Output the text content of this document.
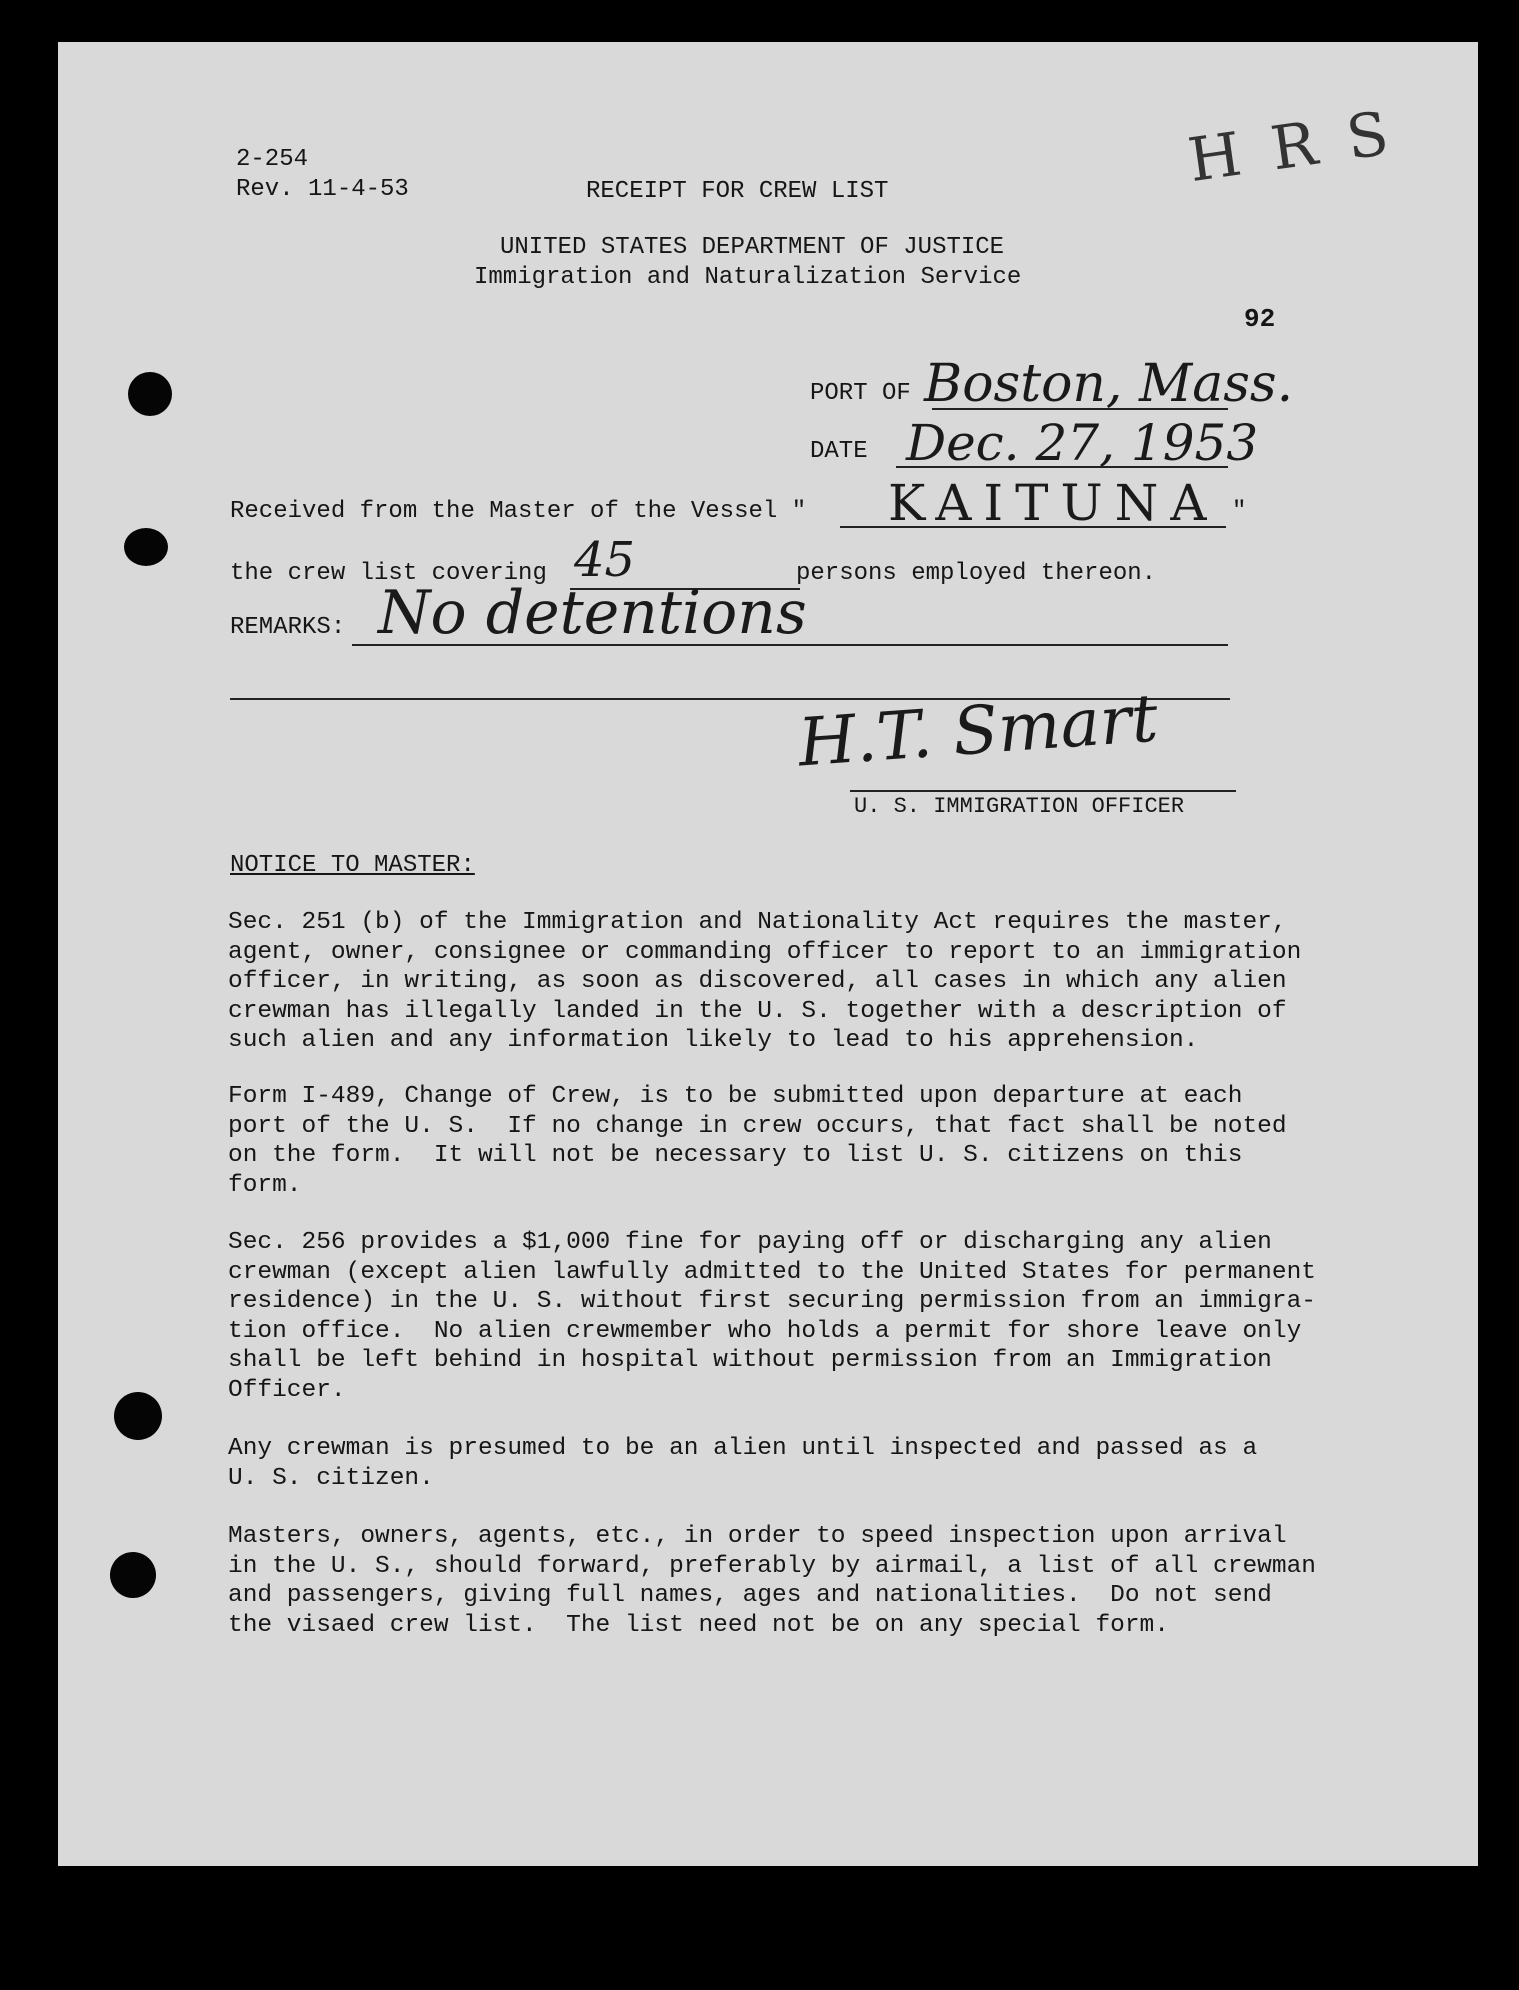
2-254
Rev. 11-4-53	RECEIPT FOR CREW LIST	H R S
UNITED STATES DEPARTMENT OF JUSTICE
Immigration and Naturalization Service
92
PORT OF Boston, Mass.
DATE Dec. 27, 1953
Received from the Master of the Vessel " KAITUNA "
the crew list covering 45	persons employed thereon.
REMARKS: No detentions
H.T. Smart
U. S. IMMIGRATION OFFICER
NOTICE TO MASTER:
Sec. 251 (b) of the Immigration and Nationality Act requires the master,
agent, owner, consignee or commanding officer to report to an immigration
officer, in writing, as soon as discovered, all cases in which any alien
crewman has illegally landed in the U. S. together with a description of
such alien and any information likely to lead to his apprehension.
Form I-489, Change of Crew, is to be submitted upon departure at each
port of the U. S.  If no change in crew occurs, that fact shall be noted
on the form.  It will not be necessary to list U. S. citizens on this
form.
Sec. 256 provides a $1,000 fine for paying off or discharging any alien
crewman (except alien lawfully admitted to the United States for permanent
residence) in the U. S. without first securing permission from an immigra-
tion office.  No alien crewmember who holds a permit for shore leave only
shall be left behind in hospital without permission from an Immigration
Officer.
Any crewman is presumed to be an alien until inspected and passed as a
U. S. citizen.
Masters, owners, agents, etc., in order to speed inspection upon arrival
in the U. S., should forward, preferably by airmail, a list of all crewman
and passengers, giving full names, ages and nationalities.  Do not send
the visaed crew list.  The list need not be on any special form.
